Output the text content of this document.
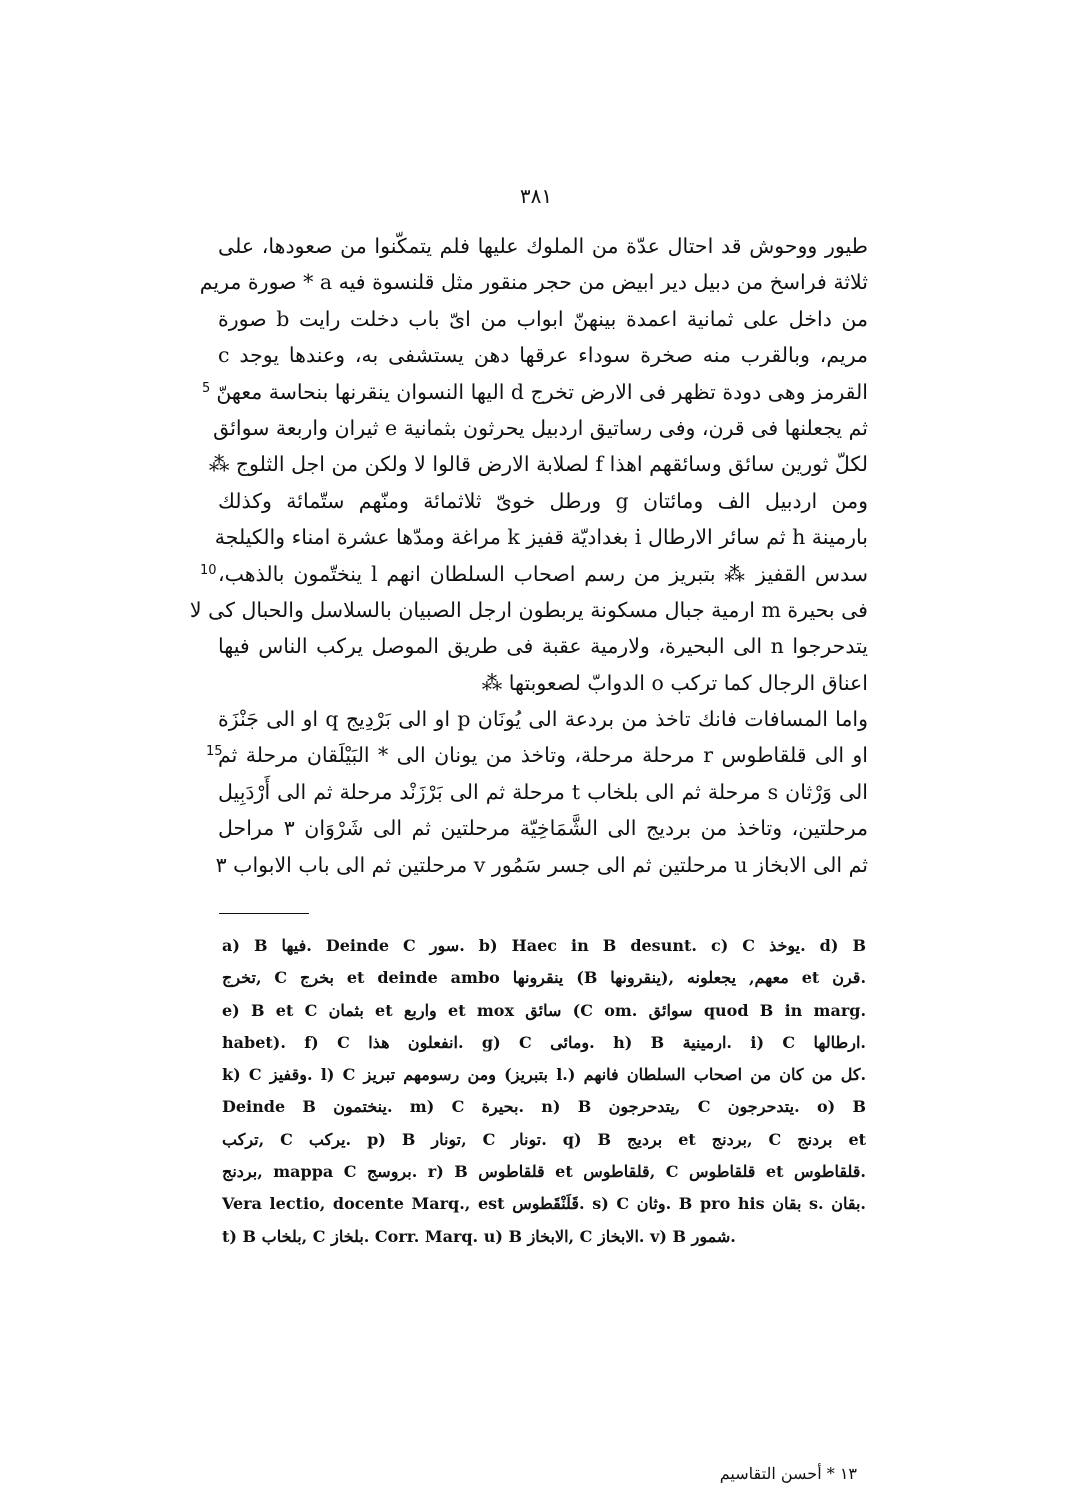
۳۸۱
طيور ووحوش قد احتال عدّة من الملوك عليها فلم يتمكّنوا من صعودها، على
ثلاثة فراسخ من دبيل دير ابيض من حجر منقور مثل قلنسوة فيه a * صورة مريم
من داخل على ثمانية اعمدة بينهنّ ابواب من اىّ باب دخلت رايت b صورة
مريم، وبالقرب منه صخرة سوداء عرقها دهن يستشفى به، وعندها يوجد c
القرمز وهى دودة تظهر فى الارض تخرج d اليها النسوان ينقرنها بنحاسة معهنّ
5
ثم يجعلنها فى قرن، وفى رساتيق اردبيل يحرثون بثمانية e ثيران واربعة سوائق
لكلّ ثورين سائق وسائقهم اهذا f لصلابة الارض قالوا لا ولكن من اجل الثلوج ⁂
ومن اردبيل الف ومائتان g ورطل خوىّ ثلاثمائة ومنّهم ستّمائة وكذلك
بارمينة h ثم سائر الارطال i بغداديّة قفيز k مراغة ومدّها عشرة امناء والكيلجة
سدس القفيز ⁂ بتبريز من رسم اصحاب السلطان انهم l ينختّمون بالذهب،
10
فى بحيرة m ارمية جبال مسكونة يربطون ارجل الصبيان بالسلاسل والحبال كى لا
يتدحرجوا n الى البحيرة، ولارمية عقبة فى طريق الموصل يركب الناس فيها
اعناق الرجال كما تركب o الدوابّ لصعوبتها ⁂
واما المسافات فانك تاخذ من بردعة الى يُونَان p او الى بَرْدِيج q او الى جَنْزَة
او الى قلقاطوس r مرحلة مرحلة، وتاخذ من يونان الى * البَيْلَقان مرحلة ثم
15
الى وَرْثان s مرحلة ثم الى بلخاب t مرحلة ثم الى بَرْزَنْد مرحلة ثم الى أَرْدَبِيل
مرحلتين، وتاخذ من برديج الى الشَّمَاخِيّة مرحلتين ثم الى شَرْوَان ۳ مراحل
ثم الى الابخاز u مرحلتين ثم الى جسر سَمُور v مرحلتين ثم الى باب الابواب ۳
a) B فيها. Deinde C سور. b) Haec in B desunt. c) C يوخذ. d) B
تخرج, C بخرج et deinde ambo ينقرونها (B ينقرونها), معهم, يجعلونه et قرن.
e) B et C بثمان et واربع et mox سائق (C om. سوائق quod B in marg.
habet). f) C انفعلون هذا. g) C ومائى. h) B ارمينية. i) C ارطالها.
k) C وقفيز. l) C ومن رسومهم تبريز (بتبريز l.) كل من كان من اصحاب السلطان فانهم.
Deinde B ينختمون. m) C بحيرة. n) B يتدحرجون, C يتدحرجون. o) B
تركب, C يركب. p) B تونار, C تونار. q) B برديج et بردنج, C بردنج et
بردنج, mappa C بروسج. r) B قلقاطوس et قلقاطوس, C قلقاطوس et قلقاطوس.
Vera lectio, docente Marq., est قَلَنْقَطوس. s) C وثان. B pro his بقان s. بقان.
t) B بلخاب, C بلخاز. Corr. Marq. u) B الابخاز, C الابخاز. v) B شمور.
١٣ * أحسن التقاسيم
